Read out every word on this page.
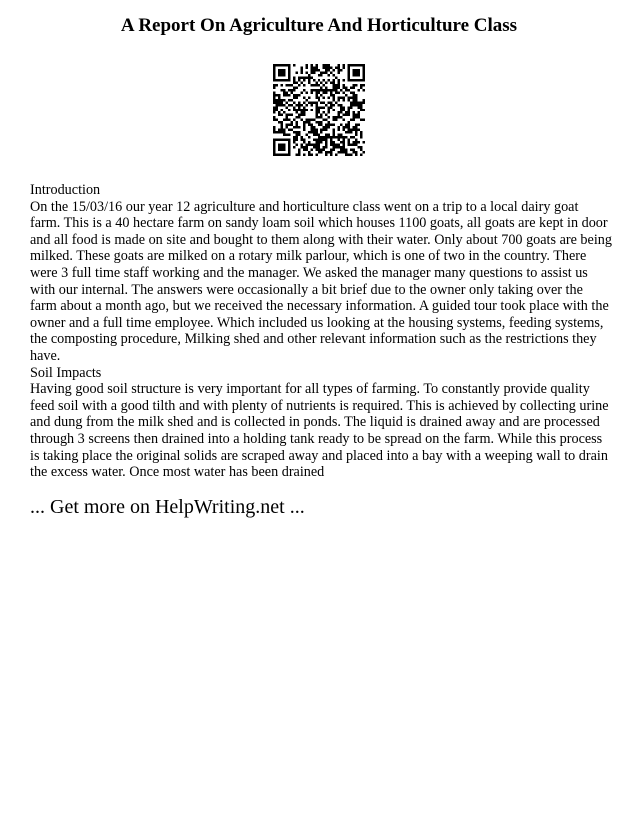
A Report On Agriculture And Horticulture Class

Introduction

On the 15/03/16 our year 12 agriculture and horticulture class went on a trip to a local dairy goat farm. This is a 40 hectare farm on sandy loam soil which houses 1100 goats, all goats are kept in door and all food is made on site and bought to them along with their water. Only about 700 goats are being milked. These goats are milked on a rotary milk parlour, which is one of two in the country. There were 3 full time staff working and the manager. We asked the manager many questions to assist us with our internal. The answers were occasionally a bit brief due to the owner only taking over the farm about a month ago, but we received the necessary information. A guided tour took place with the owner and a full time employee. Which included us looking at the housing systems, feeding systems, the composting procedure, Milking shed and other relevant information such as the restrictions they have.

Soil Impacts

Having good soil structure is very important for all types of farming. To constantly provide quality feed soil with a good tilth and with plenty of nutrients is required. This is achieved by collecting urine and dung from the milk shed and is collected in ponds. The liquid is drained away and are processed through 3 screens then drained into a holding tank ready to be spread on the farm. While this process is taking place the original solids are scraped away and placed into a bay with a weeping wall to drain the excess water. Once most water has been drained

... Get more on HelpWriting.net ...
